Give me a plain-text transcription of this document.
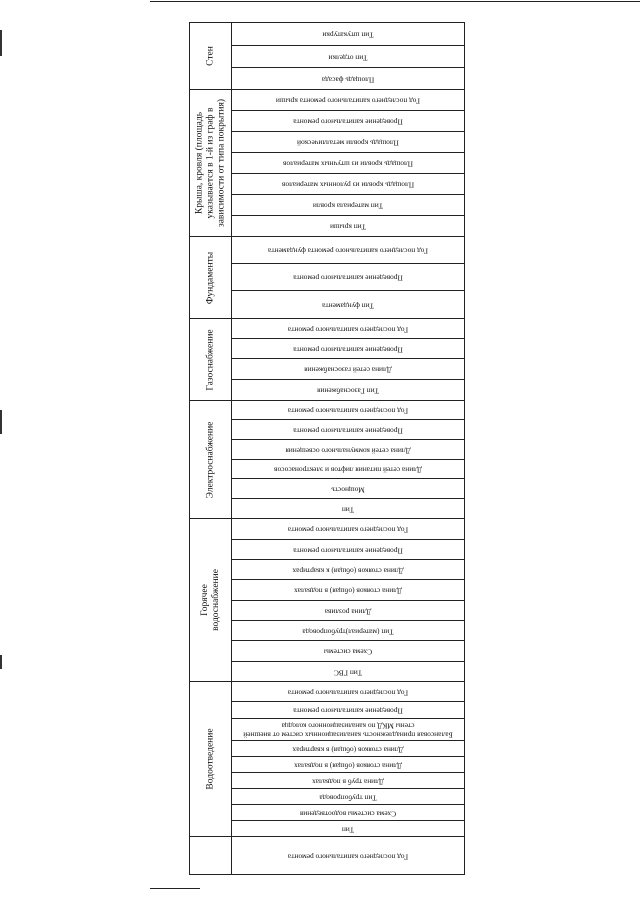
Стен
Крыша, кровля (площадь указывается в 1-й из граф в зависимости от типа покрытия)
Фундаменты
Газоснабжение
Электроснабжение
Горячее водоснабжение
Водоотведение
Тип штукатурки
Тип отделки
Площадь фасада
Год последнего капитального ремонта крыши
Проведение капитального ремонта
Площадь кровли металлической
Площадь кровли из штучных материалов
Площадь кровли из рулонных материалов
Тип материала кровли
Тип крыши
Год последнего капитального ремонта фундамента
Проведение капитального ремонта
Тип фундамента
Год последнего капитального ремонта
Проведение капитального ремонта
Длина сетей газоснабжения
Тип Газоснабжения
Год последнего капитального ремонта
Проведение капитального ремонта
Длина сетей коммунального освещения
Длина сетей питания лифтов и электронасосов
Мощность
Тип
Год последнего капитального ремонта
Проведение капитального ремонта
Длина стояков (общая) к квартирах
Длина стояков (общая) в подвалах
Длина розлива
Тип (материал)трубопровода
Схема системы
Тип ГВС
Год последнего капитального ремонта
Проведение капитального ремонта
Балансовая принадлежность канализационных систем от внешней стены МКД по канализационного колодца
Длина стояков (общая) в квартирах
Длина стояков (общая) в подвалах
Длина труб в подвалах
Тип трубопровода
Схема системы водоотведения
Тип
Год последнего капитального ремонта
